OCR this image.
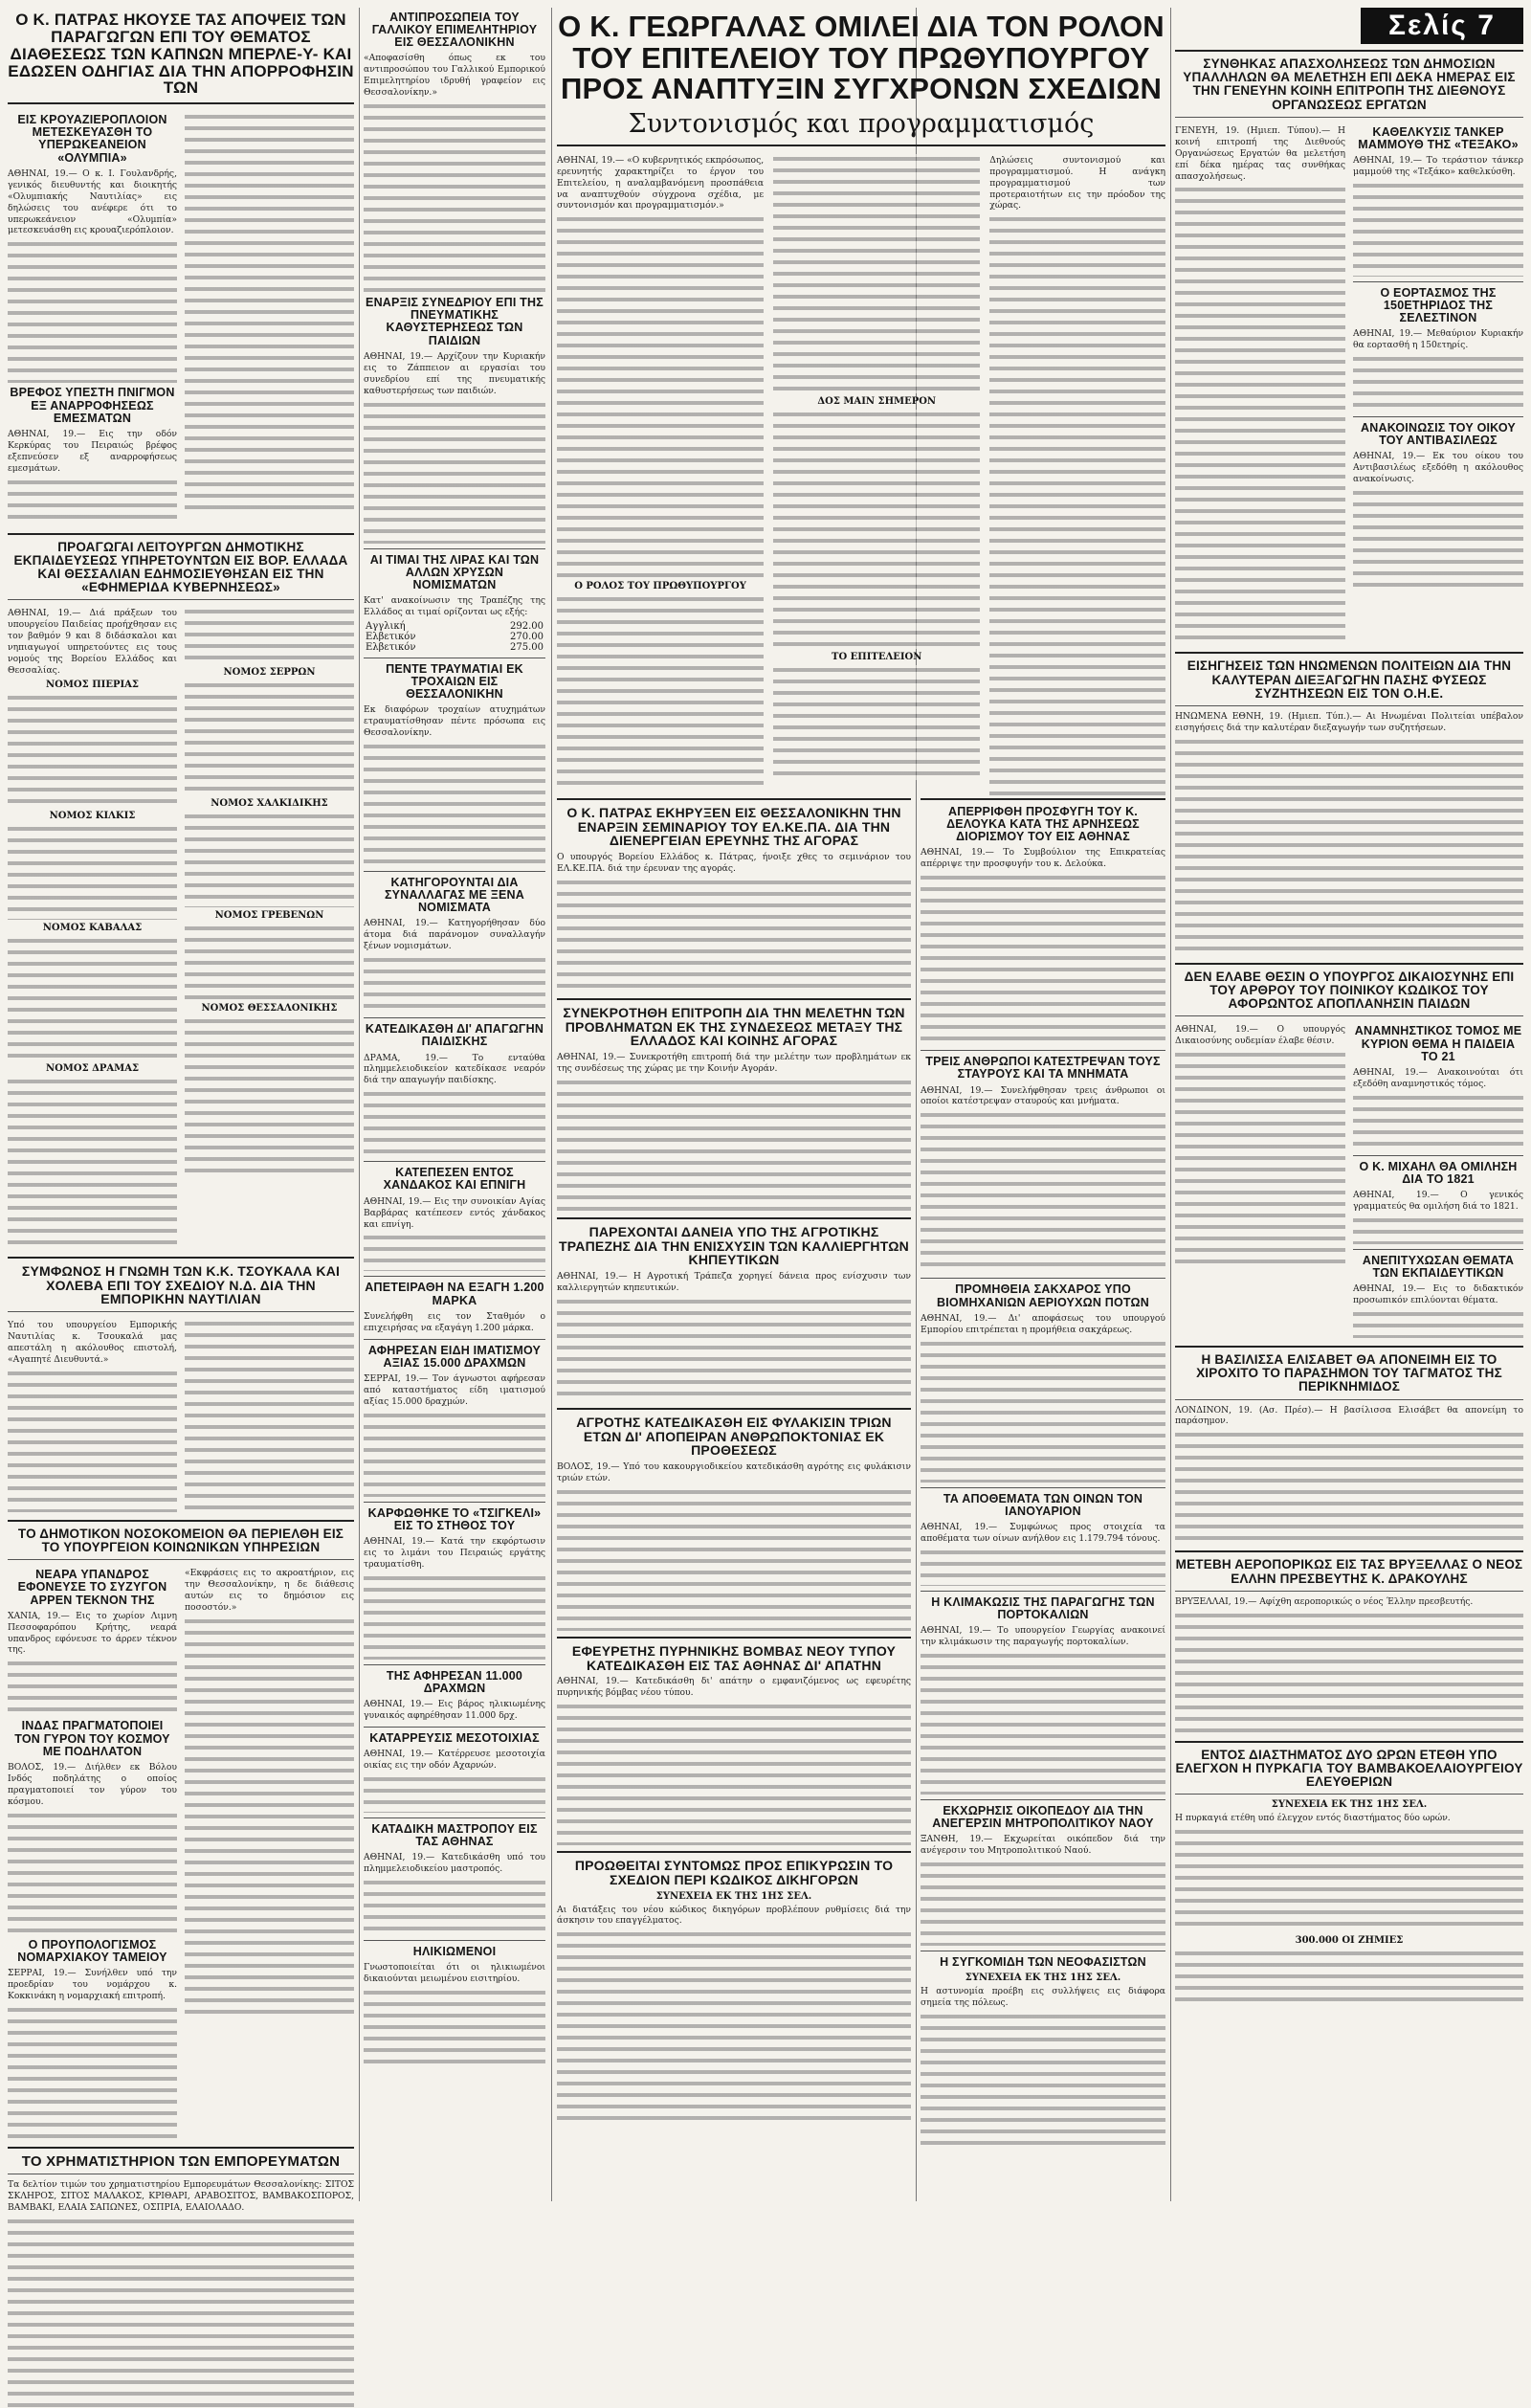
Ο Κ. ΠΑΤΡΑΣ ΗΚΟΥΣΕ ΤΑΣ ΑΠΟΨΕΙΣ ΤΩΝ ΠΑΡΑΓΩΓΩΝ ΕΠΙ ΤΟΥ ΘΕΜΑΤΟΣ ΔΙΑΘΕΣΕΩΣ ΤΩΝ ΚΑΠΝΩΝ ΜΠΕΡΛΕ-Υ- ΚΑΙ ΕΔΩΣΕΝ ΟΔΗΓΙΑΣ ΔΙΑ ΤΗΝ ΑΠΟΡΡΟΦΗΣΙΝ ΤΩΝ
ΕΙΣ ΚΡΟΥΑΖΙΕΡΟΠΛΟΙΟΝ ΜΕΤΕΣΚΕΥΑΣΘΗ ΤΟ ΥΠΕΡΩΚΕΑΝΕΙΟΝ «ΟΛΥΜΠΙΑ»
ΑΘΗΝΑΙ, 19.— Ο κ. Ι. Γουλανδρής, γενικός διευθυντής και διοικητής «Ολυμπιακής Ναυτιλίας» εις δηλώσεις του ανέφερε ότι το υπερωκεάνειον «Ολυμπία» μετεσκευάσθη εις κρουαζιερόπλοιον.
ΒΡΕΦΟΣ ΥΠΕΣΤΗ ΠΝΙΓΜΟΝ ΕΞ ΑΝΑΡΡΟΦΗΣΕΩΣ ΕΜΕΣΜΑΤΩΝ
ΑΘΗΝΑΙ, 19.— Εις την οδόν Κερκύρας του Πειραιώς βρέφος εξεπνεύσεν εξ αναρροφήσεως εμεσμάτων.
ΠΡΟΑΓΩΓΑΙ ΛΕΙΤΟΥΡΓΩΝ ΔΗΜΟΤΙΚΗΣ ΕΚΠΑΙΔΕΥΣΕΩΣ ΥΠΗΡΕΤΟΥΝΤΩΝ ΕΙΣ ΒΟΡ. ΕΛΛΑΔΑ ΚΑΙ ΘΕΣΣΑΛΙΑΝ ΕΔΗΜΟΣΙΕΥΘΗΣΑΝ ΕΙΣ ΤΗΝ «ΕΦΗΜΕΡΙΔΑ ΚΥΒΕΡΝΗΣΕΩΣ»
ΑΘΗΝΑΙ, 19.— Διά πράξεων του υπουργείου Παιδείας προήχθησαν εις τον βαθμόν 9 και 8 διδάσκαλοι και νηπιαγωγοί υπηρετούντες εις τους νομούς της Βορείου Ελλάδος και Θεσσαλίας.
ΝΟΜΟΣ ΠΙΕΡΙΑΣ
ΝΟΜΟΣ ΚΙΛΚΙΣ
ΝΟΜΟΣ ΚΑΒΑΛΑΣ
ΝΟΜΟΣ ΔΡΑΜΑΣ
ΝΟΜΟΣ ΣΕΡΡΩΝ
ΝΟΜΟΣ ΧΑΛΚΙΔΙΚΗΣ
ΝΟΜΟΣ ΓΡΕΒΕΝΩΝ
ΝΟΜΟΣ ΘΕΣΣΑΛΟΝΙΚΗΣ
ΣΥΜΦΩΝΟΣ Η ΓΝΩΜΗ ΤΩΝ Κ.Κ. ΤΣΟΥΚΑΛΑ ΚΑΙ ΧΟΛΕΒΑ ΕΠΙ ΤΟΥ ΣΧΕΔΙΟΥ Ν.Δ. ΔΙΑ ΤΗΝ ΕΜΠΟΡΙΚΗΝ ΝΑΥΤΙΛΙΑΝ
Υπό του υπουργείου Εμπορικής Ναυτιλίας κ. Τσουκαλά μας απεστάλη η ακόλουθος επιστολή, «Αγαπητέ Διευθυντά.»
ΤΟ ΔΗΜΟΤΙΚΟΝ ΝΟΣΟΚΟΜΕΙΟΝ ΘΑ ΠΕΡΙΕΛΘΗ ΕΙΣ ΤΟ ΥΠΟΥΡΓΕΙΟΝ ΚΟΙΝΩΝΙΚΩΝ ΥΠΗΡΕΣΙΩΝ
ΝΕΑΡΑ ΥΠΑΝΔΡΟΣ ΕΦΟΝΕΥΣΕ ΤΟ ΣΥΖΥΓΟΝ ΑΡΡΕΝ ΤΕΚΝΟΝ ΤΗΣ
ΧΑΝΙΑ, 19.— Εις το χωρίον Λιμνη Πεσσοφαρόπου Κρήτης, νεαρά υπανδρος εφόνευσε το άρρεν τέκνον της.
ΙΝΔΑΣ ΠΡΑΓΜΑΤΟΠΟΙΕΙ ΤΟΝ ΓΥΡΟΝ ΤΟΥ ΚΟΣΜΟΥ ΜΕ ΠΟΔΗΛΑΤΟΝ
ΒΟΛΟΣ, 19.— Διήλθεν εκ Βόλου Ινδός ποδηλάτης ο οποίος πραγματοποιεί τον γύρον του κόσμου.
Ο ΠΡΟΥΠΟΛΟΓΙΣΜΟΣ ΝΟΜΑΡΧΙΑΚΟΥ ΤΑΜΕΙΟΥ
ΣΕΡΡΑΙ, 19.— Συνήλθεν υπό την προεδρίαν του νομάρχου κ. Κοκκινάκη η νομαρχιακή επιτροπή.
«Εκφράσεις εις το ακροατήριον, εις την Θεσσαλονίκην, η δε διάθεσις αυτών εις το δημόσιον εις ποσοστόν.»
ΤΟ ΧΡΗΜΑΤΙΣΤΗΡΙΟΝ ΤΩΝ ΕΜΠΟΡΕΥΜΑΤΩΝ
Τα δελτίον τιμών του χρηματιστηρίου Εμπορευμάτων Θεσσαλονίκης: ΣΙΤΟΣ ΣΚΛΗΡΟΣ, ΣΙΤΟΣ ΜΑΛΑΚΟΣ, ΚΡΙΘΑΡΙ, ΑΡΑΒΟΣΙΤΟΣ, ΒΑΜΒΑΚΟΣΠΟΡΟΣ, ΒΑΜΒΑΚΙ, ΕΛΑΙΑ ΣΑΠΩΝΕΣ, ΟΣΠΡΙΑ, ΕΛΑΙΟΛΑΔΟ.
ΑΝΤΙΠΡΟΣΩΠΕΙΑ ΤΟΥ ΓΑΛΛΙΚΟΥ ΕΠΙΜΕΛΗΤΗΡΙΟΥ ΕΙΣ ΘΕΣΣΑΛΟΝΙΚΗΝ
«Αποφασίσθη όπως εκ του αντιπροσώπου του Γαλλικού Εμπορικού Επιμελητηρίου ιδρυθή γραφείον εις Θεσσαλονίκην.»
ΕΝΑΡΞΙΣ ΣΥΝΕΔΡΙΟΥ ΕΠΙ ΤΗΣ ΠΝΕΥΜΑΤΙΚΗΣ ΚΑΘΥΣΤΕΡΗΣΕΩΣ ΤΩΝ ΠΑΙΔΙΩΝ
ΑΘΗΝΑΙ, 19.— Αρχίζουν την Κυριακήν εις το Ζάππειον αι εργασίαι του συνεδρίου επί της πνευματικής καθυστερήσεως των παιδιών.
ΑΙ ΤΙΜΑΙ ΤΗΣ ΛΙΡΑΣ ΚΑΙ ΤΩΝ ΑΛΛΩΝ ΧΡΥΣΩΝ ΝΟΜΙΣΜΑΤΩΝ
Κατ' ανακοίνωσιν της Τραπέζης της Ελλάδος αι τιμαί ορίζονται ως εξής:
Αγγλική	292.00
Ελβετικόν	270.00
Ελβετικόν	275.00
ΠΕΝΤΕ ΤΡΑΥΜΑΤΙΑΙ ΕΚ ΤΡΟΧΑΙΩΝ ΕΙΣ ΘΕΣΣΑΛΟΝΙΚΗΝ
Εκ διαφόρων τροχαίων ατυχημάτων ετραυματίσθησαν πέντε πρόσωπα εις Θεσσαλονίκην.
ΚΑΤΗΓΟΡΟΥΝΤΑΙ ΔΙΑ ΣΥΝΑΛΛΑΓΑΣ ΜΕ ΞΕΝΑ ΝΟΜΙΣΜΑΤΑ
ΑΘΗΝΑΙ, 19.— Κατηγορήθησαν δύο άτομα διά παράνομον συναλλαγήν ξένων νομισμάτων.
ΚΑΤΕΔΙΚΑΣΘΗ ΔΙ' ΑΠΑΓΩΓΗΝ ΠΑΙΔΙΣΚΗΣ
ΔΡΑΜΑ, 19.— Το ενταύθα πλημμελειοδικείον κατεδίκασε νεαρόν διά την απαγωγήν παιδίσκης.
ΚΑΤΕΠΕΣΕΝ ΕΝΤΟΣ ΧΑΝΔΑΚΟΣ ΚΑΙ ΕΠΝΙΓΗ
ΑΘΗΝΑΙ, 19.— Εις την συνοικίαν Αγίας Βαρβάρας κατέπεσεν εντός χάνδακος και επνίγη.
ΑΠΕΤΕΙΡΑΘΗ ΝΑ ΕΞΑΓΗ 1.200 ΜΑΡΚΑ
Συνελήφθη εις τον Σταθμόν ο επιχειρήσας να εξαγάγη 1.200 μάρκα.
ΑΦΗΡΕΣΑΝ ΕΙΔΗ ΙΜΑΤΙΣΜΟΥ ΑΞΙΑΣ 15.000 ΔΡΑΧΜΩΝ
ΣΕΡΡΑΙ, 19.— Τον άγνωστοι αφήρεσαν από καταστήματος είδη ιματισμού αξίας 15.000 δραχμών.
ΚΑΡΦΩΘΗΚΕ ΤΟ «ΤΣΙΓΚΕΛΙ» ΕΙΣ ΤΟ ΣΤΗΘΟΣ ΤΟΥ
ΑΘΗΝΑΙ, 19.— Κατά την εκφόρτωσιν εις το λιμάνι του Πειραιώς εργάτης τραυματίσθη.
ΤΗΣ ΑΦΗΡΕΣΑΝ 11.000 ΔΡΑΧΜΩΝ
ΑΘΗΝΑΙ, 19.— Εις βάρος ηλικιωμένης γυναικός αφηρέθησαν 11.000 δρχ.
ΚΑΤΑΡΡΕΥΣΙΣ ΜΕΣΟΤΟΙΧΙΑΣ
ΑΘΗΝΑΙ, 19.— Κατέρρευσε μεσοτοιχία οικίας εις την οδόν Αχαρνών.
ΚΑΤΑΔΙΚΗ ΜΑΣΤΡΟΠΟΥ ΕΙΣ ΤΑΣ ΑΘΗΝΑΣ
ΑΘΗΝΑΙ, 19.— Κατεδικάσθη υπό του πλημμελειοδικείου μαστροπός.
ΗΛΙΚΙΩΜΕΝΟΙ
Γνωστοποιείται ότι οι ηλικιωμένοι δικαιούνται μειωμένου εισιτηρίου.
Ο Κ. ΓΕΩΡΓΑΛΑΣ ΟΜΙΛΕΙ ΔΙΑ ΤΟΝ ΡΟΛΟΝ ΤΟΥ ΕΠΙΤΕΛΕΙΟΥ ΤΟΥ ΠΡΩΘΥΠΟΥΡΓΟΥ ΠΡΟΣ ΑΝΑΠΤΥΞΙΝ ΣΥΓΧΡΟΝΩΝ ΣΧΕΔΙΩΝ
Συντονισμός και προγραμματισμός
ΑΘΗΝΑΙ, 19.— «Ο κυβερνητικός εκπρόσωπος, ερευνητής χαρακτηρίζει το έργον του Επιτελείου, η αναλαμβανόμενη προσπάθεια να αναπτυχθούν σύγχρονα σχέδια, με συντονισμόν και προγραμματισμόν.»
Ο ΡΟΛΟΣ ΤΟΥ ΠΡΩΘΥΠΟΥΡΓΟΥ
ΔΟΣ ΜΑΙΝ ΣΗΜΕΡΟΝ
ΤΟ ΕΠΙΤΕΛΕΙΟΝ
Δηλώσεις συντονισμού και προγραμματισμού. Η ανάγκη προγραμματισμού των προτεραιοτήτων εις την πρόοδον της χώρας.
Ο Κ. ΠΑΤΡΑΣ ΕΚΗΡΥΞΕΝ ΕΙΣ ΘΕΣΣΑΛΟΝΙΚΗΝ ΤΗΝ ΕΝΑΡΞΙΝ ΣΕΜΙΝΑΡΙΟΥ ΤΟΥ ΕΛ.ΚΕ.ΠΑ. ΔΙΑ ΤΗΝ ΔΙΕΝΕΡΓΕΙΑΝ ΕΡΕΥΝΗΣ ΤΗΣ ΑΓΟΡΑΣ
Ο υπουργός Βορείου Ελλάδος κ. Πάτρας, ήνοιξε χθες το σεμινάριον του ΕΛ.ΚΕ.ΠΑ. διά την έρευναν της αγοράς.
ΣΥΝΕΚΡΟΤΗΘΗ ΕΠΙΤΡΟΠΗ ΔΙΑ ΤΗΝ ΜΕΛΕΤΗΝ ΤΩΝ ΠΡΟΒΛΗΜΑΤΩΝ ΕΚ ΤΗΣ ΣΥΝΔΕΣΕΩΣ ΜΕΤΑΞΥ ΤΗΣ ΕΛΛΑΔΟΣ ΚΑΙ ΚΟΙΝΗΣ ΑΓΟΡΑΣ
ΑΘΗΝΑΙ, 19.— Συνεκροτήθη επιτροπή διά την μελέτην των προβλημάτων εκ της συνδέσεως της χώρας με την Κοινήν Αγοράν.
ΠΑΡΕΧΟΝΤΑΙ ΔΑΝΕΙΑ ΥΠΟ ΤΗΣ ΑΓΡΟΤΙΚΗΣ ΤΡΑΠΕΖΗΣ ΔΙΑ ΤΗΝ ΕΝΙΣΧΥΣΙΝ ΤΩΝ ΚΑΛΛΙΕΡΓΗΤΩΝ ΚΗΠΕΥΤΙΚΩΝ
ΑΘΗΝΑΙ, 19.— Η Αγροτική Τράπεζα χορηγεί δάνεια προς ενίσχυσιν των καλλιεργητών κηπευτικών.
ΑΓΡΟΤΗΣ ΚΑΤΕΔΙΚΑΣΘΗ ΕΙΣ ΦΥΛΑΚΙΣΙΝ ΤΡΙΩΝ ΕΤΩΝ ΔΙ' ΑΠΟΠΕΙΡΑΝ ΑΝΘΡΩΠΟΚΤΟΝΙΑΣ ΕΚ ΠΡΟΘΕΣΕΩΣ
ΒΟΛΟΣ, 19.— Υπό του κακουργιοδικείου κατεδικάσθη αγρότης εις φυλάκισιν τριών ετών.
ΕΦΕΥΡΕΤΗΣ ΠΥΡΗΝΙΚΗΣ ΒΟΜΒΑΣ ΝΕΟΥ ΤΥΠΟΥ ΚΑΤΕΔΙΚΑΣΘΗ ΕΙΣ ΤΑΣ ΑΘΗΝΑΣ ΔΙ' ΑΠΑΤΗΝ
ΑΘΗΝΑΙ, 19.— Κατεδικάσθη δι' απάτην ο εμφανιζόμενος ως εφευρέτης πυρηνικής βόμβας νέου τύπου.
ΠΡΟΩΘΕΙΤΑΙ ΣΥΝΤΟΜΩΣ ΠΡΟΣ ΕΠΙΚΥΡΩΣΙΝ ΤΟ ΣΧΕΔΙΟΝ ΠΕΡΙ ΚΩΔΙΚΟΣ ΔΙΚΗΓΟΡΩΝ
ΣΥΝΕΧΕΙΑ ΕΚ ΤΗΣ 1ΗΣ ΣΕΛ.
Αι διατάξεις του νέου κώδικος δικηγόρων προβλέπουν ρυθμίσεις διά την άσκησιν του επαγγέλματος.
ΑΠΕΡΡΙΦΘΗ ΠΡΟΣΦΥΓΗ ΤΟΥ Κ. ΔΕΛΟΥΚΑ ΚΑΤΑ ΤΗΣ ΑΡΝΗΣΕΩΣ ΔΙΟΡΙΣΜΟΥ ΤΟΥ ΕΙΣ ΑΘΗΝΑΣ
ΑΘΗΝΑΙ, 19.— Το Συμβούλιον της Επικρατείας απέρριψε την προσφυγήν του κ. Δελούκα.
ΤΡΕΙΣ ΑΝΘΡΩΠΟΙ ΚΑΤΕΣΤΡΕΨΑΝ ΤΟΥΣ ΣΤΑΥΡΟΥΣ ΚΑΙ ΤΑ ΜΝΗΜΑΤΑ
ΑΘΗΝΑΙ, 19.— Συνελήφθησαν τρεις άνθρωποι οι οποίοι κατέστρεψαν σταυρούς και μνήματα.
ΠΡΟΜΗΘΕΙΑ ΣΑΚΧΑΡΟΣ ΥΠΟ ΒΙΟΜΗΧΑΝΙΩΝ ΑΕΡΙΟΥΧΩΝ ΠΟΤΩΝ
ΑΘΗΝΑΙ, 19.— Δι' αποφάσεως του υπουργού Εμπορίου επιτρέπεται η προμήθεια σακχάρεως.
ΤΑ ΑΠΟΘΕΜΑΤΑ ΤΩΝ ΟΙΝΩΝ ΤΟΝ ΙΑΝΟΥΑΡΙΟΝ
ΑΘΗΝΑΙ, 19.— Συμφώνως προς στοιχεία τα αποθέματα των οίνων ανήλθον εις 1.179.794 τόνους.
Η ΚΛΙΜΑΚΩΣΙΣ ΤΗΣ ΠΑΡΑΓΩΓΗΣ ΤΩΝ ΠΟΡΤΟΚΑΛΙΩΝ
ΑΘΗΝΑΙ, 19.— Το υπουργείον Γεωργίας ανακοινεί την κλιμάκωσιν της παραγωγής πορτοκαλίων.
ΕΚΧΩΡΗΣΙΣ ΟΙΚΟΠΕΔΟΥ ΔΙΑ ΤΗΝ ΑΝΕΓΕΡΣΙΝ ΜΗΤΡΟΠΟΛΙΤΙΚΟΥ ΝΑΟΥ
ΞΑΝΘΗ, 19.— Εκχωρείται οικόπεδον διά την ανέγερσιν του Μητροπολιτικού Ναού.
Η ΣΥΓΚΟΜΙΔΗ ΤΩΝ ΝΕΟΦΑΣΙΣΤΩΝ
ΣΥΝΕΧΕΙΑ ΕΚ ΤΗΣ 1ΗΣ ΣΕΛ.
Η αστυνομία προέβη εις συλλήψεις εις διάφορα σημεία της πόλεως.
Σελίς 7
ΣΥΝΘΗΚΑΣ ΑΠΑΣΧΟΛΗΣΕΩΣ ΤΩΝ ΔΗΜΟΣΙΩΝ ΥΠΑΛΛΗΛΩΝ ΘΑ ΜΕΛΕΤΗΣΗ ΕΠΙ ΔΕΚΑ ΗΜΕΡΑΣ ΕΙΣ ΤΗΝ ΓΕΝΕΥΗΝ ΚΟΙΝΗ ΕΠΙΤΡΟΠΗ ΤΗΣ ΔΙΕΘΝΟΥΣ ΟΡΓΑΝΩΣΕΩΣ ΕΡΓΑΤΩΝ
ΓΕΝΕΥΗ, 19. (Ημιεπ. Τύπου).— Η κοινή επιτροπή της Διεθνούς Οργανώσεως Εργατών θα μελετήση επί δέκα ημέρας τας συνθήκας απασχολήσεως.
ΚΑΘΕΛΚΥΣΙΣ ΤΑΝΚΕΡ ΜΑΜΜΟΥΘ ΤΗΣ «ΤΕΞΑΚΟ»
ΑΘΗΝΑΙ, 19.— Το τεράστιον τάνκερ μαμμούθ της «Τεξάκο» καθελκύσθη.
Ο ΕΟΡΤΑΣΜΟΣ ΤΗΣ 150ΕΤΗΡΙΔΟΣ ΤΗΣ ΣΕΛΕΣΤΙΝΟΝ
ΑΘΗΝΑΙ, 19.— Μεθαύριον Κυριακήν θα εορτασθή η 150ετηρίς.
ΑΝΑΚΟΙΝΩΣΙΣ ΤΟΥ ΟΙΚΟΥ ΤΟΥ ΑΝΤΙΒΑΣΙΛΕΩΣ
ΑΘΗΝΑΙ, 19.— Εκ του οίκου του Αντιβασιλέως εξεδόθη η ακόλουθος ανακοίνωσις.
ΕΙΣΗΓΗΣΕΙΣ ΤΩΝ ΗΝΩΜΕΝΩΝ ΠΟΛΙΤΕΙΩΝ ΔΙΑ ΤΗΝ ΚΑΛΥΤΕΡΑΝ ΔΙΕΞΑΓΩΓΗΝ ΠΑΣΗΣ ΦΥΣΕΩΣ ΣΥΖΗΤΗΣΕΩΝ ΕΙΣ ΤΟΝ Ο.Η.Ε.
ΗΝΩΜΕΝΑ ΕΘΝΗ, 19. (Ημιεπ. Τύπ.).— Αι Ηνωμέναι Πολιτείαι υπέβαλον εισηγήσεις διά την καλυτέραν διεξαγωγήν των συζητήσεων.
ΔΕΝ ΕΛΑΒΕ ΘΕΣΙΝ Ο ΥΠΟΥΡΓΟΣ ΔΙΚΑΙΟΣΥΝΗΣ ΕΠΙ ΤΟΥ ΑΡΘΡΟΥ ΤΟΥ ΠΟΙΝΙΚΟΥ ΚΩΔΙΚΟΣ ΤΟΥ ΑΦΟΡΩΝΤΟΣ ΑΠΟΠΛΑΝΗΣΙΝ ΠΑΙΔΩΝ
ΑΘΗΝΑΙ, 19.— Ο υπουργός Δικαιοσύνης ουδεμίαν έλαβε θέσιν.
ΑΝΑΜΝΗΣΤΙΚΟΣ ΤΟΜΟΣ ΜΕ ΚΥΡΙΟΝ ΘΕΜΑ Η ΠΑΙΔΕΙΑ ΤΟ 21
ΑΘΗΝΑΙ, 19.— Ανακοινούται ότι εξεδόθη αναμνηστικός τόμος.
Ο Κ. ΜΙΧΑΗΛ ΘΑ ΟΜΙΛΗΣΗ ΔΙΑ ΤΟ 1821
ΑΘΗΝΑΙ, 19.— Ο γενικός γραμματεύς θα ομιλήση διά το 1821.
ΑΝΕΠΙΤΥΧΩΣΑΝ ΘΕΜΑΤΑ ΤΩΝ ΕΚΠΑΙΔΕΥΤΙΚΩΝ
ΑΘΗΝΑΙ, 19.— Εις το διδακτικόν προσωπικόν επιλύονται θέματα.
Η ΒΑΣΙΛΙΣΣΑ ΕΛΙΣΑΒΕΤ ΘΑ ΑΠΟΝΕΙΜΗ ΕΙΣ ΤΟ ΧΙΡΟΧΙΤΟ ΤΟ ΠΑΡΑΣΗΜΟΝ ΤΟΥ ΤΑΓΜΑΤΟΣ ΤΗΣ ΠΕΡΙΚΝΗΜΙΔΟΣ
ΛΟΝΔΙΝΟΝ, 19. (Ασ. Πρέσ).— Η βασίλισσα Ελισάβετ θα απονείμη το παράσημον.
ΜΕΤΕΒΗ ΑΕΡΟΠΟΡΙΚΩΣ ΕΙΣ ΤΑΣ ΒΡΥΞΕΛΛΑΣ Ο ΝΕΟΣ ΕΛΛΗΝ ΠΡΕΣΒΕΥΤΗΣ Κ. ΔΡΑΚΟΥΛΗΣ
ΒΡΥΞΕΛΛΑΙ, 19.— Αφίχθη αεροπορικώς ο νέος Έλλην πρεσβευτής.
ΕΝΤΟΣ ΔΙΑΣΤΗΜΑΤΟΣ ΔΥΟ ΩΡΩΝ ΕΤΕΘΗ ΥΠΟ ΕΛΕΓΧΟΝ Η ΠΥΡΚΑΓΙΑ ΤΟΥ ΒΑΜΒΑΚΟΕΛΑΙΟΥΡΓΕΙΟΥ ΕΛΕΥΘΕΡΙΩΝ
ΣΥΝΕΧΕΙΑ ΕΚ ΤΗΣ 1ΗΣ ΣΕΛ.
Η πυρκαγιά ετέθη υπό έλεγχον εντός διαστήματος δύο ωρών.
300.000 ΟΙ ΖΗΜΙΕΣ
